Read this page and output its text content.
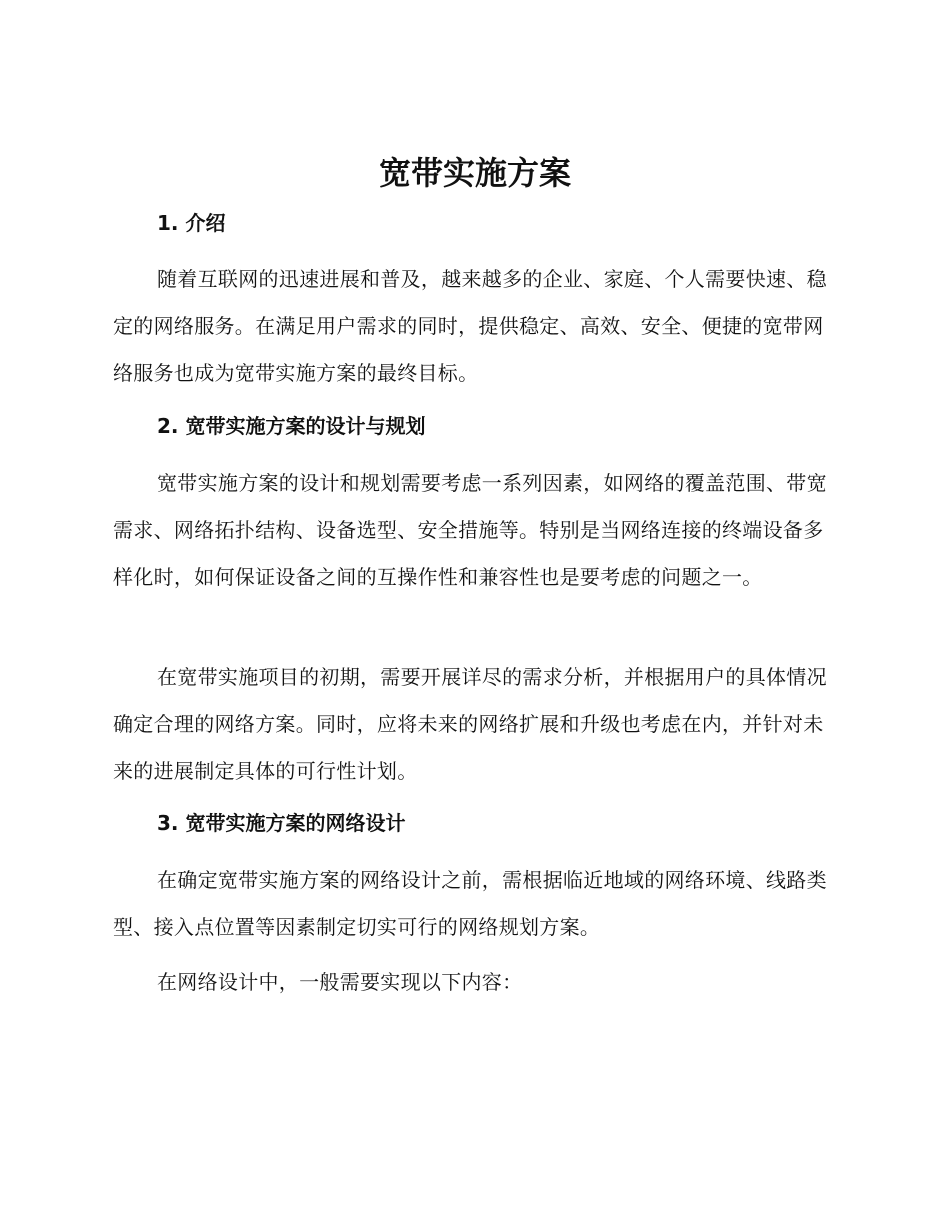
宽带实施方案
1. 介绍

随着互联网的迅速进展和普及，越来越多的企业、家庭、个人需要快速、稳定的网络服务。在满足用户需求的同时，提供稳定、高效、安全、便捷的宽带网络服务也成为宽带实施方案的最终目标。

2. 宽带实施方案的设计与规划

宽带实施方案的设计和规划需要考虑一系列因素，如网络的覆盖范围、带宽需求、网络拓扑结构、设备选型、安全措施等。特别是当网络连接的终端设备多样化时，如何保证设备之间的互操作性和兼容性也是要考虑的问题之一。

在宽带实施项目的初期，需要开展详尽的需求分析，并根据用户的具体情况确定合理的网络方案。同时，应将未来的网络扩展和升级也考虑在内，并针对未来的进展制定具体的可行性计划。

3. 宽带实施方案的网络设计

在确定宽带实施方案的网络设计之前，需根据临近地域的网络环境、线路类型、接入点位置等因素制定切实可行的网络规划方案。

在网络设计中，一般需要实现以下内容：
